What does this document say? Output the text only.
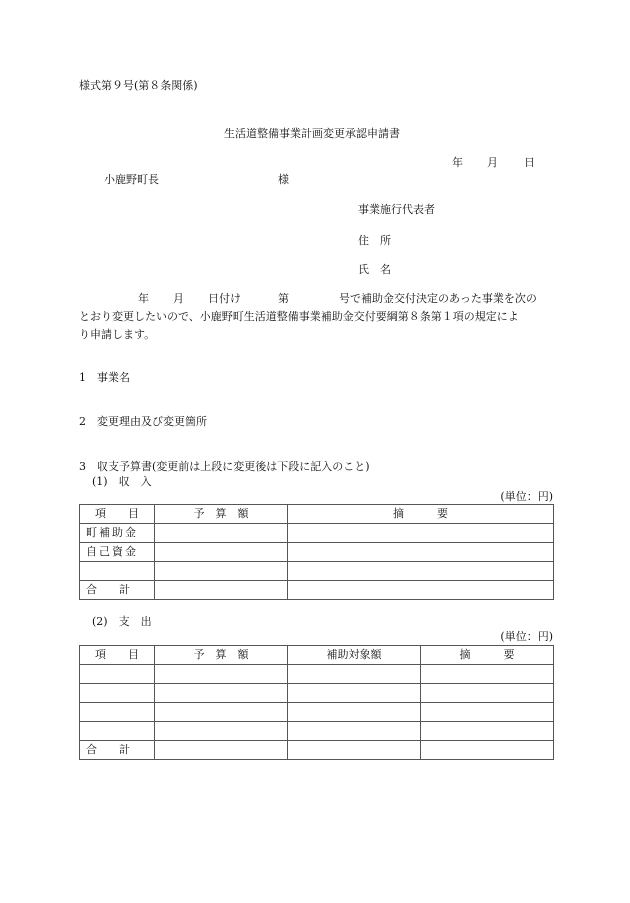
様式第９号(第８条関係)
生活道整備事業計画変更承認申請書
年 月 日
小鹿野町長	様
事業施行代表者
住　所
氏　名
年 月 日付け	第	号で補助金交付決定のあった事業を次の
とおり変更したいので、小鹿野町生活道整備事業補助金交付要綱第８条第１項の規定によ
り申請します。
1　事業名
2　変更理由及び変更箇所
3　収支予算書(変更前は上段に変更後は下段に記入のこと)
(1)　収　入
(単位：円)
項　　目	予　算　額	摘　　　要
町補助金		
自己資金		

合　　計		
(2)　支　出
(単位：円)
項　　目	予　算　額	補助対象額	摘　　　要

合　　計			
